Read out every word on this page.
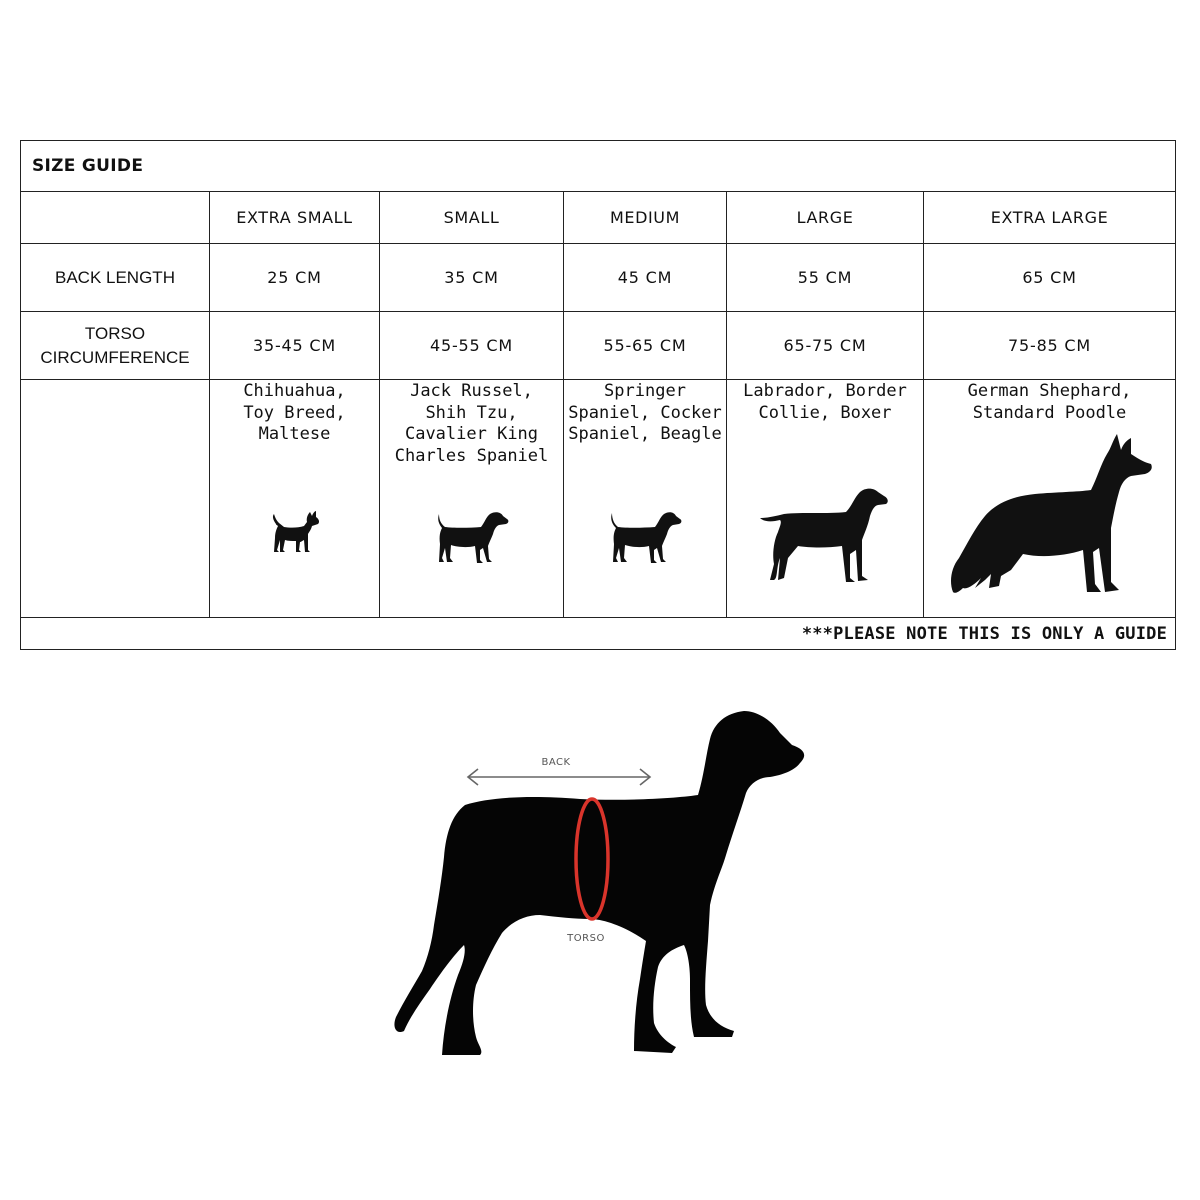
SIZE GUIDE					
	EXTRA SMALL	SMALL	MEDIUM	LARGE	EXTRA LARGE
BACK LENGTH	25 CM	35 CM	45 CM	55 CM	65 CM

TORSO
CIRCUMFERENCE	35-45 CM	45-55 CM	55-65 CM	65-75 CM	75-85 CM

	Chihuahua,
Toy Breed,
Maltese	Jack Russel,
Shih Tzu,
Cavalier King
Charles Spaniel	Springer
Spaniel, Cocker
Spaniel, Beagle	Labrador, Border
Collie, Boxer	German Shephard,
Standard Poodle

***PLEASE NOTE THIS IS ONLY A GUIDE					
BACK
TORSO
